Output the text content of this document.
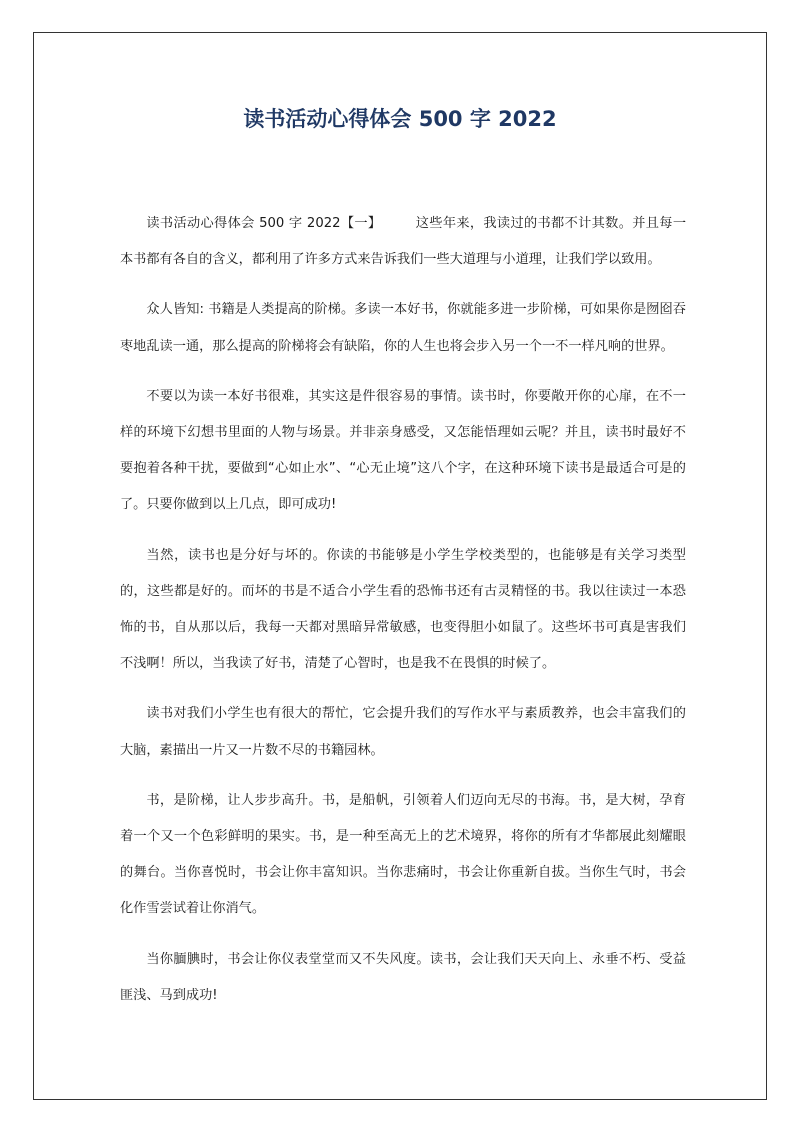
读书活动心得体会 500 字 2022

读书活动心得体会 500 字 2022【一】	这些年来，我读过的书都不计其数。并且每一本书都有各自的含义，都利用了许多方式来告诉我们一些大道理与小道理，让我们学以致用。

众人皆知: 书籍是人类提高的阶梯。多读一本好书，你就能多进一步阶梯，可如果你是囫囵吞枣地乱读一通，那么提高的阶梯将会有缺陷，你的人生也将会步入另一个一不一样凡响的世界。

不要以为读一本好书很难，其实这是件很容易的事情。读书时，你要敞开你的心扉，在不一样的环境下幻想书里面的人物与场景。并非亲身感受，又怎能悟理如云呢？并且，读书时最好不要抱着各种干扰，要做到“心如止水”、“心无止境”这八个字，在这种环境下读书是最适合可是的了。只要你做到以上几点，即可成功!

当然，读书也是分好与坏的。你读的书能够是小学生学校类型的，也能够是有关学习类型的，这些都是好的。而坏的书是不适合小学生看的恐怖书还有古灵精怪的书。我以往读过一本恐怖的书，自从那以后，我每一天都对黑暗异常敏感，也变得胆小如鼠了。这些坏书可真是害我们不浅啊！所以，当我读了好书，清楚了心智时，也是我不在畏惧的时候了。

读书对我们小学生也有很大的帮忙，它会提升我们的写作水平与素质教养，也会丰富我们的大脑，素描出一片又一片数不尽的书籍园林。

书，是阶梯，让人步步高升。书，是船帆，引领着人们迈向无尽的书海。书，是大树，孕育着一个又一个色彩鲜明的果实。书，是一种至高无上的艺术境界，将你的所有才华都展此刻耀眼的舞台。当你喜悦时，书会让你丰富知识。当你悲痛时，书会让你重新自拔。当你生气时，书会化作雪尝试着让你消气。

当你腼腆时，书会让你仪表堂堂而又不失风度。读书，会让我们天天向上、永垂不朽、受益匪浅、马到成功!
